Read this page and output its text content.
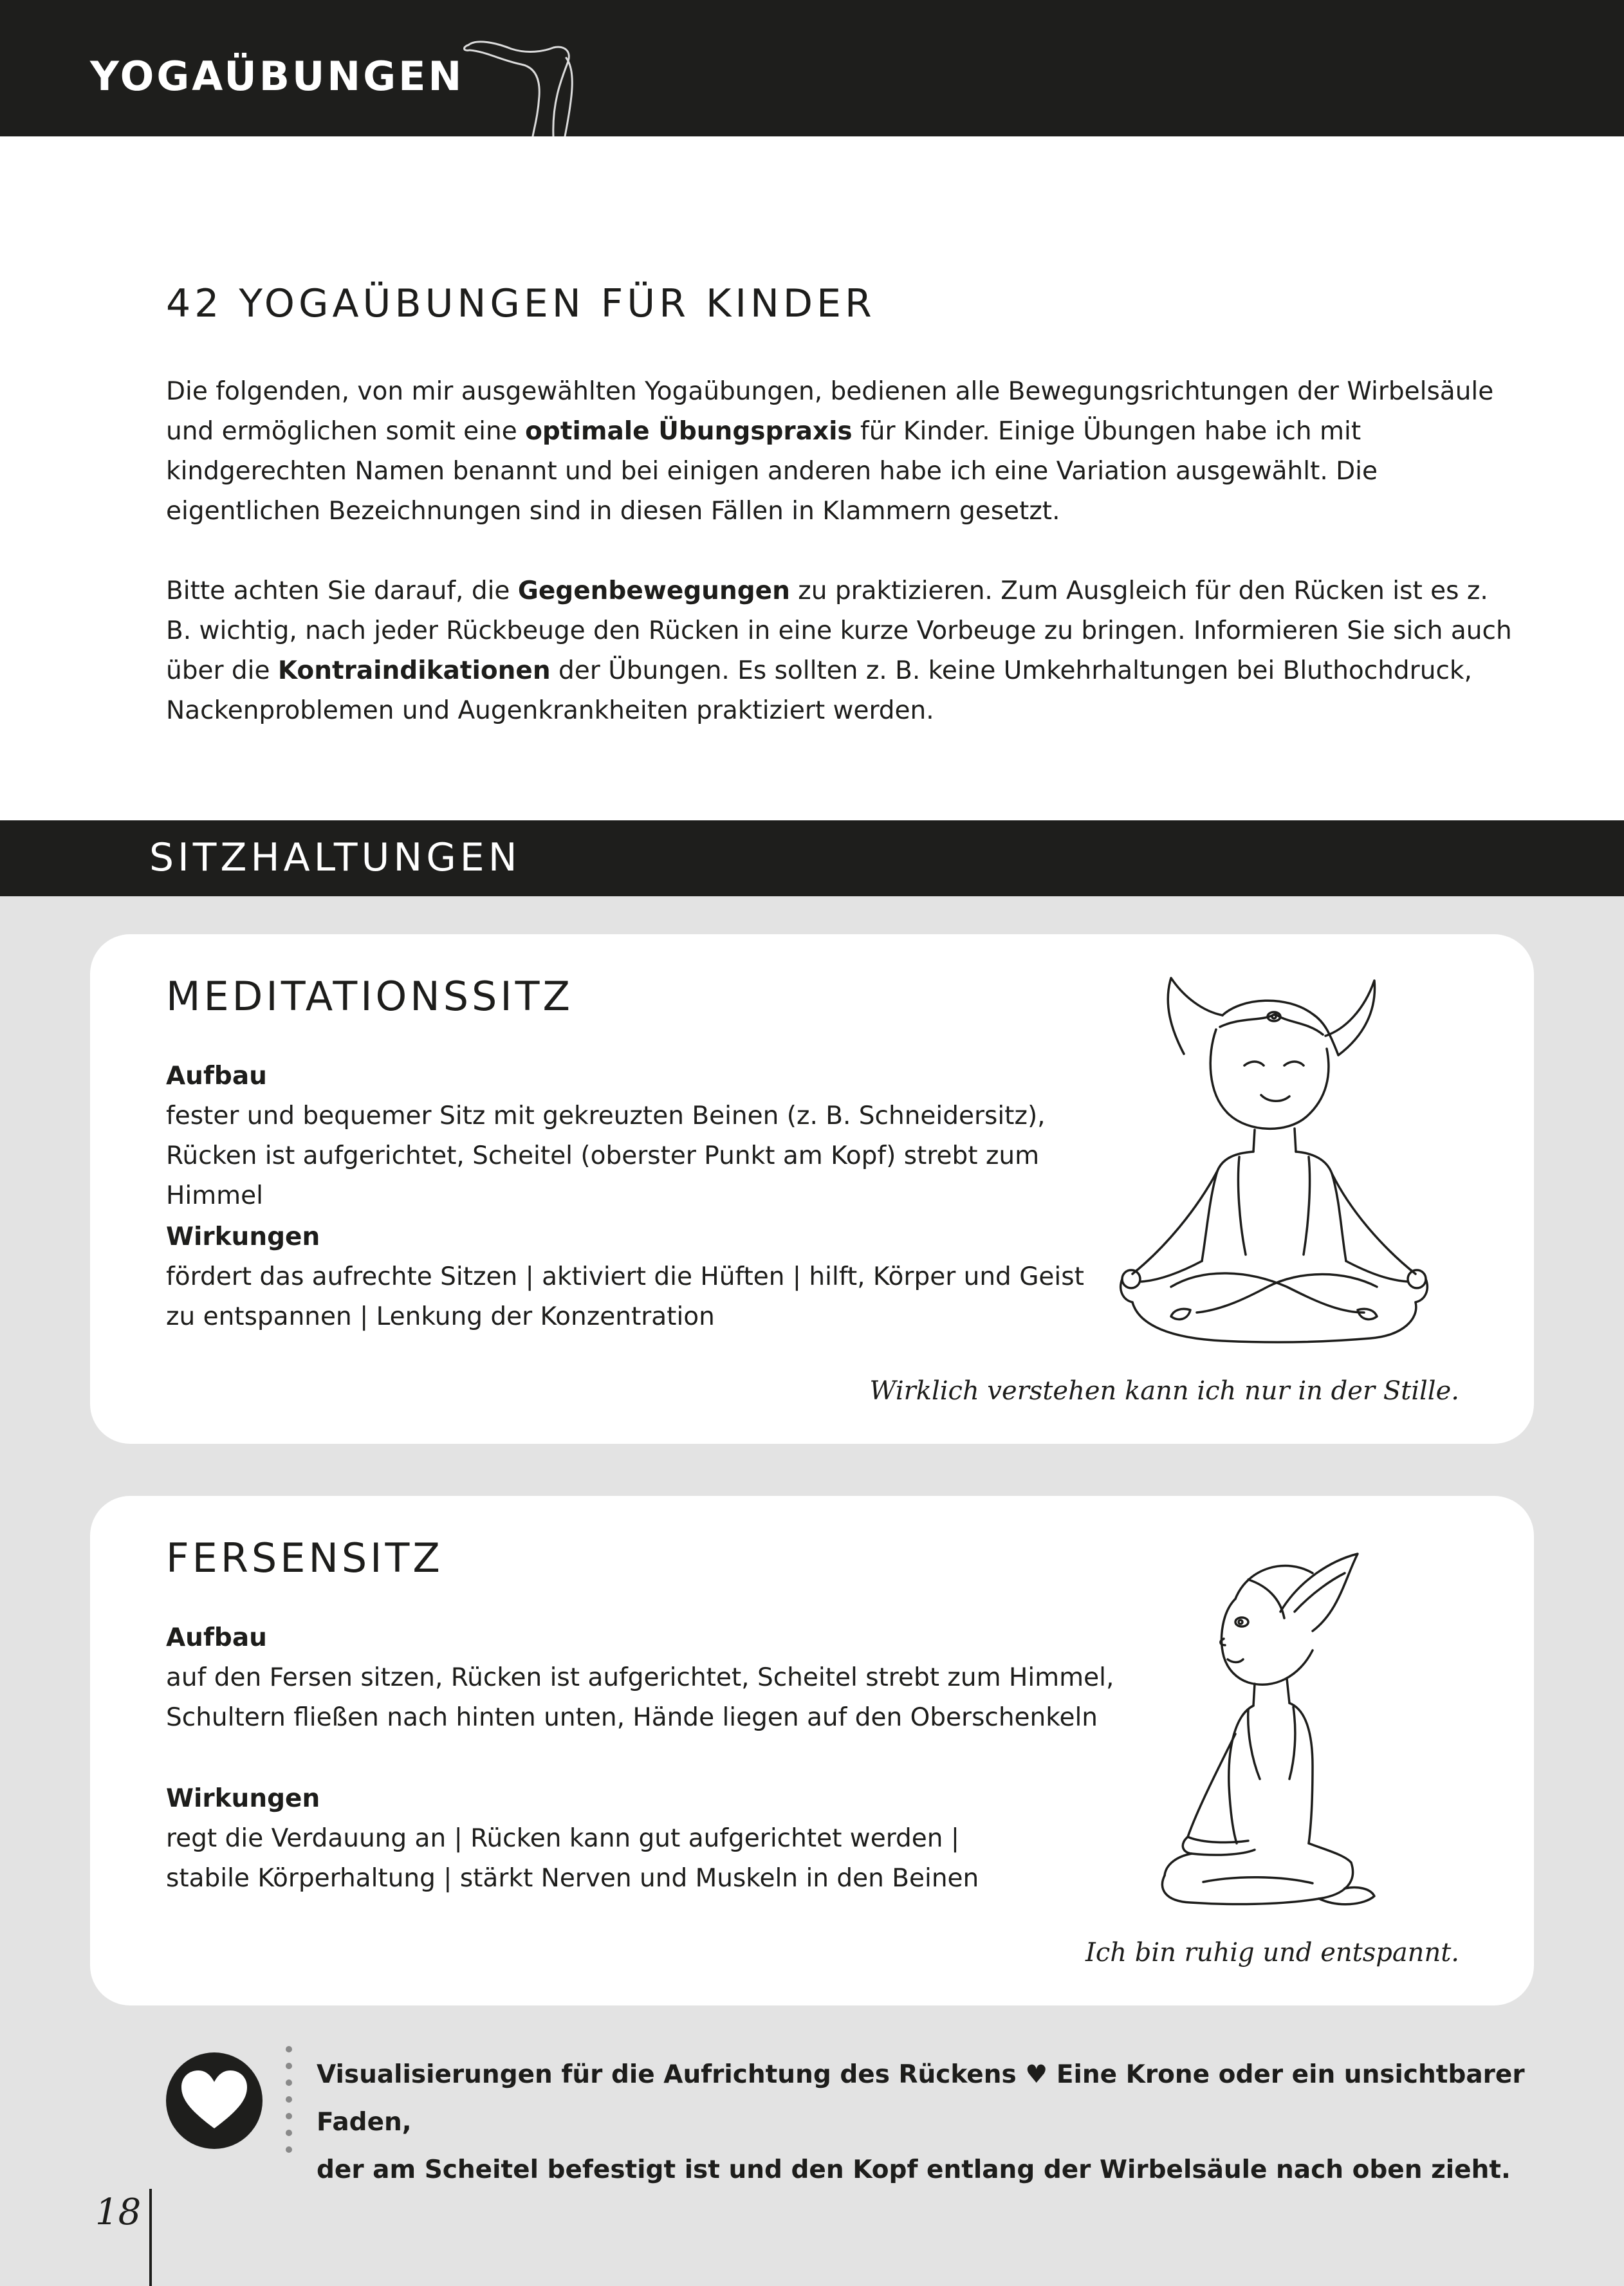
YOGAÜBUNGEN
42 YOGAÜBUNGEN FÜR KINDER

Die folgenden, von mir ausgewählten Yogaübungen, bedienen alle Bewegungsrichtungen der Wirbelsäule und ermöglichen somit eine optimale Übungspraxis für Kinder. Einige Übungen habe ich mit kindgerechten Namen benannt und bei einigen anderen habe ich eine Variation ausgewählt. Die eigentlichen Bezeichnungen sind in diesen Fällen in Klammern gesetzt.

Bitte achten Sie darauf, die Gegenbewegungen zu praktizieren. Zum Ausgleich für den Rücken ist es z. B. wichtig, nach jeder Rückbeuge den Rücken in eine kurze Vorbeuge zu bringen. Informieren Sie sich auch über die Kontraindikationen der Übungen. Es sollten z. B. keine Umkehrhaltungen bei Bluthochdruck, Nackenproblemen und Augenkrankheiten praktiziert werden.

SITZHALTUNGEN
MEDITATIONSSITZ
Aufbau
fester und bequemer Sitz mit gekreuzten Beinen (z. B. Schneidersitz),
Rücken ist aufgerichtet, Scheitel (oberster Punkt am Kopf) strebt zum Himmel
Wirkungen
fördert das aufrechte Sitzen | aktiviert die Hüften | hilft, Körper und Geist
zu entspannen | Lenkung der Konzentration
Wirklich verstehen kann ich nur in der Stille.
FERSENSITZ
Aufbau
auf den Fersen sitzen, Rücken ist aufgerichtet, Scheitel strebt zum Himmel,
Schultern fließen nach hinten unten, Hände liegen auf den Oberschenkeln
Wirkungen
regt die Verdauung an | Rücken kann gut aufgerichtet werden |
stabile Körperhaltung | stärkt Nerven und Muskeln in den Beinen
Ich bin ruhig und entspannt.
Visualisierungen für die Aufrichtung des Rückens ♥ Eine Krone oder ein unsichtbarer Faden,
der am Scheitel befestigt ist und den Kopf entlang der Wirbelsäule nach oben zieht.
18
